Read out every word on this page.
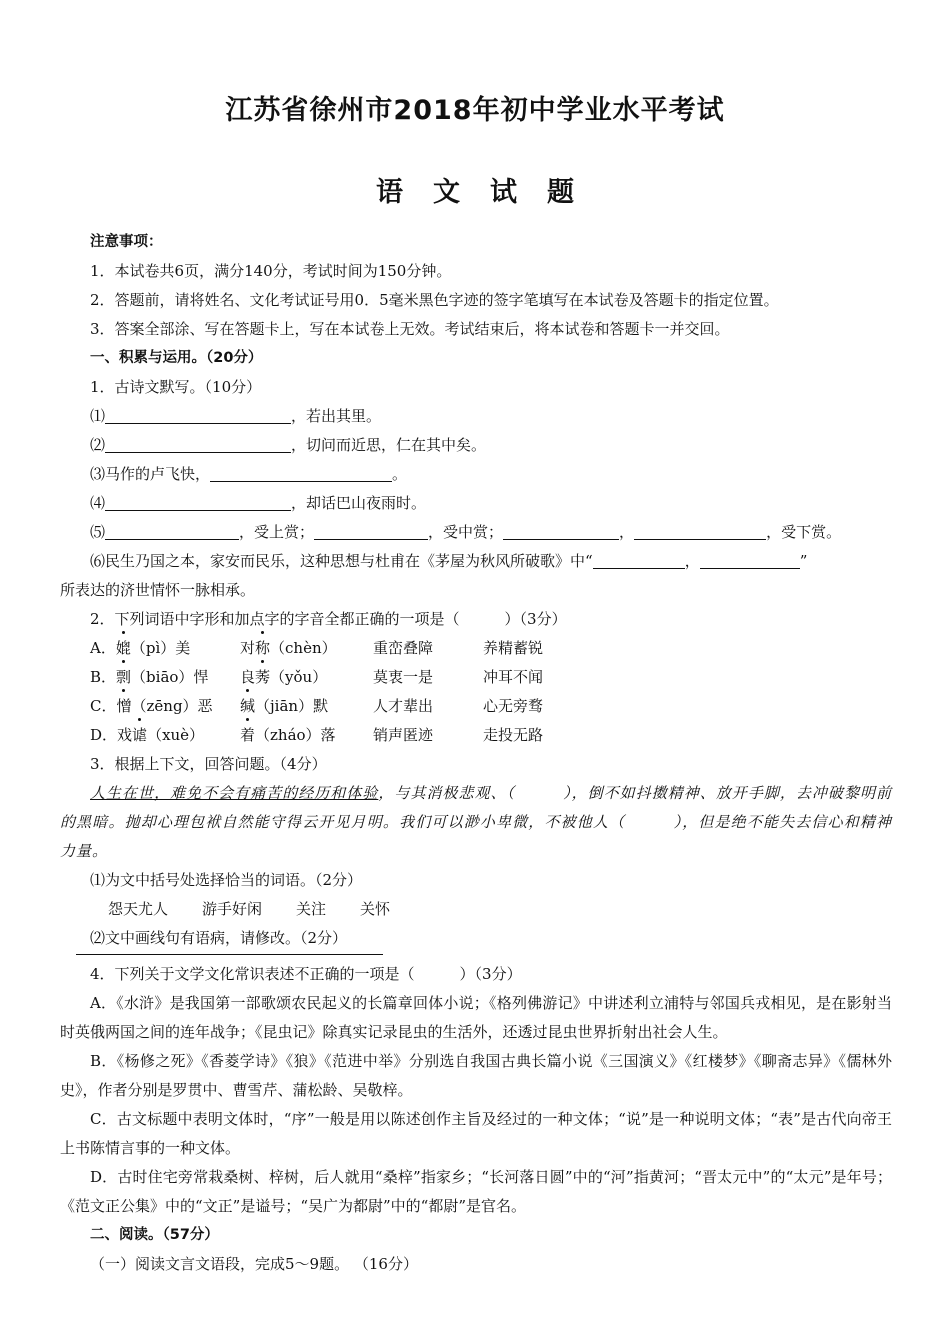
江苏省徐州市2018年初中学业水平考试
语文试题
注意事项：
1．本试卷共6页，满分140分，考试时间为150分钟。
2．答题前，请将姓名、文化考试证号用0．5毫米黑色字迹的签字笔填写在本试卷及答题卡的指定位置。
3．答案全部涂、写在答题卡上，写在本试卷上无效。考试结束后，将本试卷和答题卡一并交回。
一、积累与运用。（20分）
1．古诗文默写。（10分）
⑴	，若出其里。
⑵	，切问而近思，仁在其中矣。
⑶马作的卢飞快，	。
⑷	，却话巴山夜雨时。
⑸	，受上赏；	，受中赏；	，	，受下赏。
⑹民生乃国之本，家安而民乐，这种思想与杜甫在《茅屋为秋风所破歌》中“	，	”
所表达的济世情怀一脉相承。
2．下列词语中字形和加点字的字音全都正确的一项是（　　　）（3分）
A．媲（pì）美	对称（chèn） 重峦叠障	养精蓄锐
B．剽（biāo）悍 良莠（yǒu）	莫衷一是	冲耳不闻
C．憎（zēng）恶 缄（jiān）默	人才辈出	心无旁骛
D．戏谑（xuè） 着（zháo）落 销声匿迹	走投无路
3．根据上下文，回答问题。（4分）
人生在世，难免不会有痛苦的经历和体验，与其消极悲观、（　　　），倒不如抖擞精神、放开手脚，去冲破黎明前的黑暗。抛却心理包袱自然能守得云开见月明。我们可以渺小卑微，不被他人（　　　），但是绝不能失去信心和精神力量。
⑴为文中括号处选择恰当的词语。（2分）
怨天尤人 游手好闲 关注 关怀
⑵文中画线句有语病，请修改。（2分）
4．下列关于文学文化常识表述不正确的一项是（　　　）（3分）
A．《水浒》是我国第一部歌颂农民起义的长篇章回体小说；《格列佛游记》中讲述利立浦特与邻国兵戎相见，是在影射当时英俄两国之间的连年战争；《昆虫记》除真实记录昆虫的生活外，还透过昆虫世界折射出社会人生。
B．《杨修之死》《香菱学诗》《狼》《范进中举》分别选自我国古典长篇小说《三国演义》《红楼梦》《聊斋志异》《儒林外史》，作者分别是罗贯中、曹雪芹、蒲松龄、吴敬梓。
C．古文标题中表明文体时，“序”一般是用以陈述创作主旨及经过的一种文体；“说”是一种说明文体；“表”是古代向帝王上书陈情言事的一种文体。
D．古时住宅旁常栽桑树、梓树，后人就用“桑梓”指家乡；“长河落日圆”中的“河”指黄河；“晋太元中”的“太元”是年号；《范文正公集》中的“文正”是谥号；“吴广为都尉”中的“都尉”是官名。
二、阅读。（57分）
（一）阅读文言文语段，完成5～9题。 （16分）
